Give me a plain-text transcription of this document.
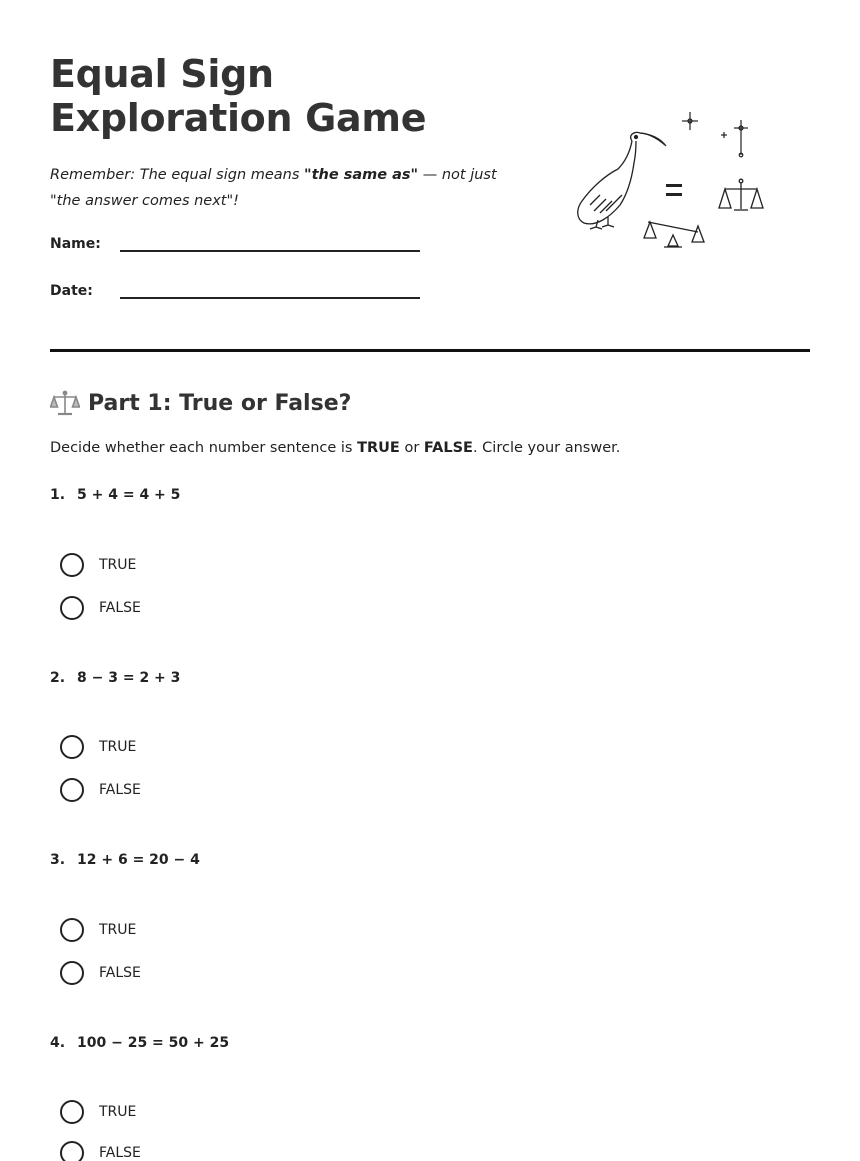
Equal Sign Exploration Game

Remember: The equal sign means "the same as" — not just "the answer comes next"!

Name:
Date:
=
Part 1: True or False?

Decide whether each number sentence is TRUE or FALSE. Circle your answer.

1. 5 + 4 = 4 + 5
TRUE
FALSE
2. 8 − 3 = 2 + 3
TRUE
FALSE
3. 12 + 6 = 20 − 4
TRUE
FALSE
4. 100 − 25 = 50 + 25
TRUE
FALSE
